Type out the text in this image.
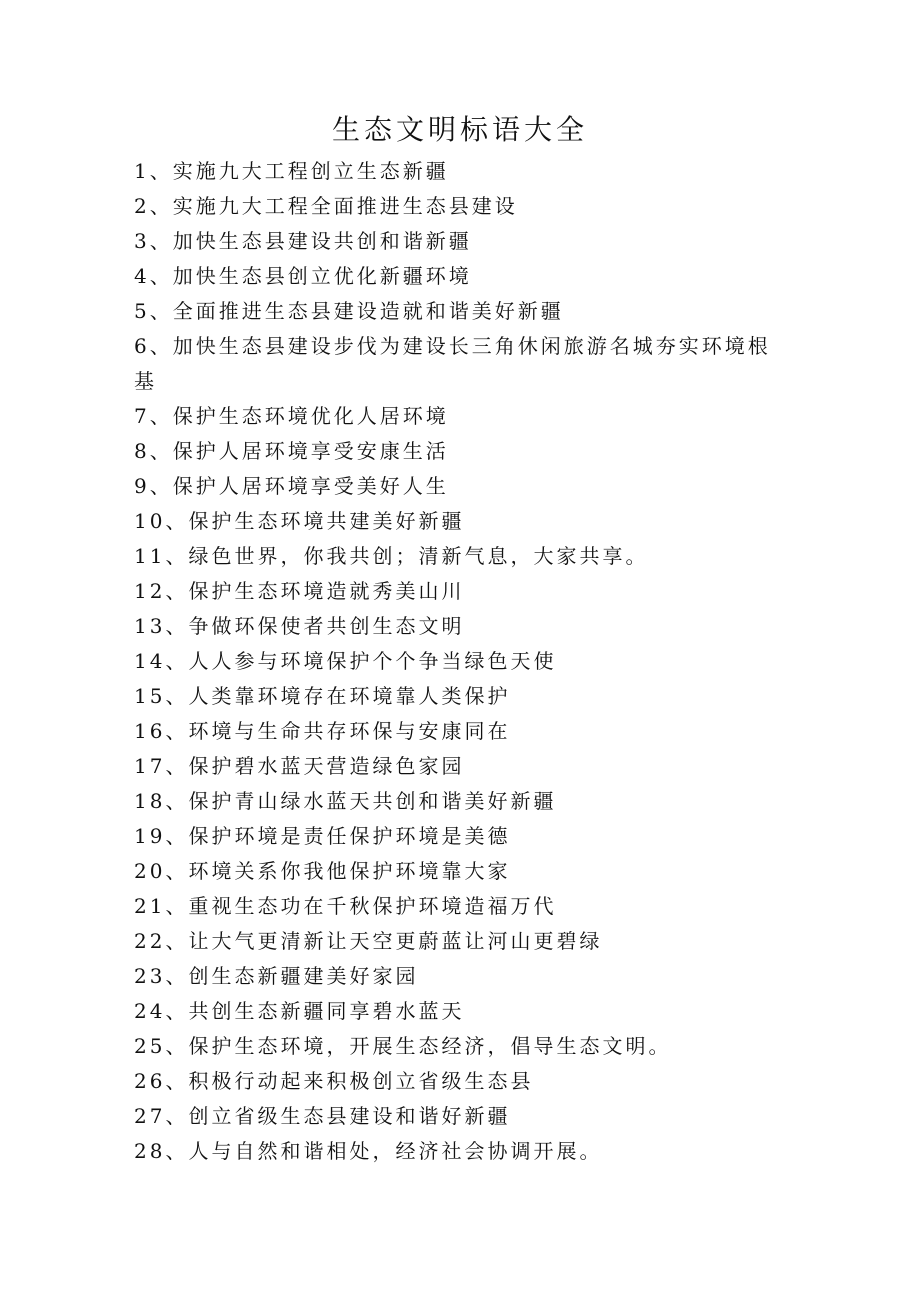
生态文明标语大全
1、实施九大工程创立生态新疆
2、实施九大工程全面推进生态县建设
3、加快生态县建设共创和谐新疆
4、加快生态县创立优化新疆环境
5、全面推进生态县建设造就和谐美好新疆
6、加快生态县建设步伐为建设长三角休闲旅游名城夯实环境根基
7、保护生态环境优化人居环境
8、保护人居环境享受安康生活
9、保护人居环境享受美好人生
10、保护生态环境共建美好新疆
11、绿色世界，你我共创；清新气息，大家共享。
12、保护生态环境造就秀美山川
13、争做环保使者共创生态文明
14、人人参与环境保护个个争当绿色天使
15、人类靠环境存在环境靠人类保护
16、环境与生命共存环保与安康同在
17、保护碧水蓝天营造绿色家园
18、保护青山绿水蓝天共创和谐美好新疆
19、保护环境是责任保护环境是美德
20、环境关系你我他保护环境靠大家
21、重视生态功在千秋保护环境造福万代
22、让大气更清新让天空更蔚蓝让河山更碧绿
23、创生态新疆建美好家园
24、共创生态新疆同享碧水蓝天
25、保护生态环境，开展生态经济，倡导生态文明。
26、积极行动起来积极创立省级生态县
27、创立省级生态县建设和谐好新疆
28、人与自然和谐相处，经济社会协调开展。
